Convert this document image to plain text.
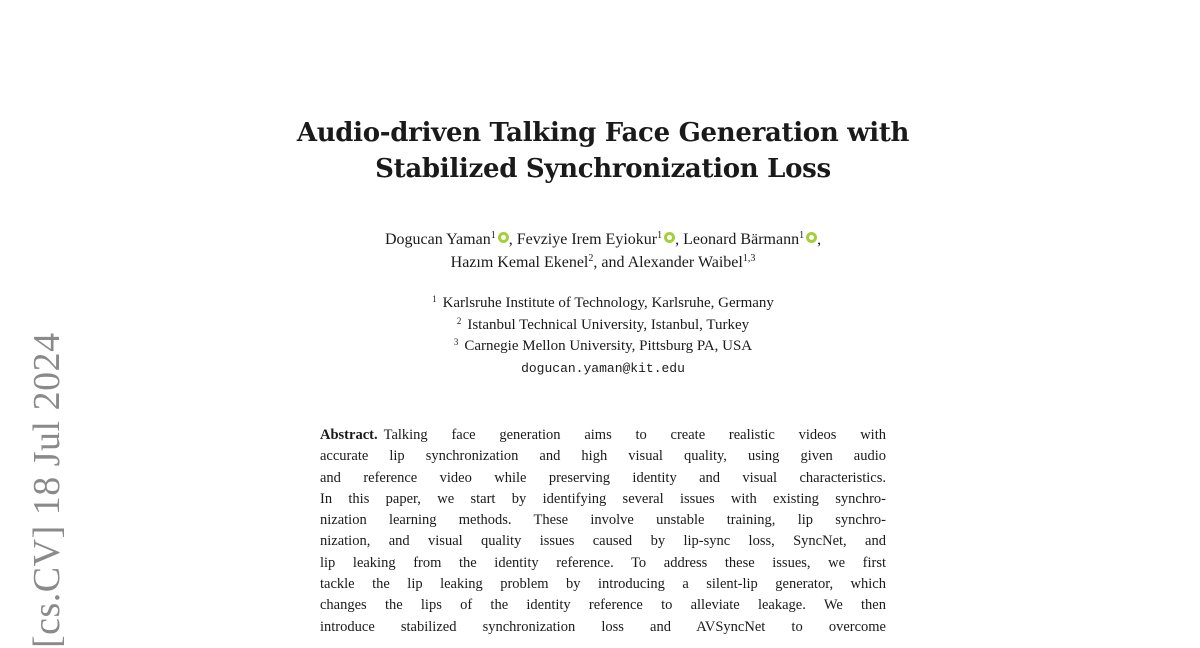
[cs.CV] 18 Jul 2024
Audio-driven Talking Face Generation with
Stabilized Synchronization Loss
Dogucan Yaman$^1$ , Fevziye Irem Eyiokur$^1$ , Leonard Bärmann$^1$ ,
Hazım Kemal Ekenel$^2$, and Alexander Waibel$^{1,3}$
$^1$ Karlsruhe Institute of Technology, Karlsruhe, Germany
$^2$ Istanbul Technical University, Istanbul, Turkey
$^3$ Carnegie Mellon University, Pittsburg PA, USA
dogucan.yaman@kit.edu
Abstract. Talking face generation aims to create realistic videos with
accurate lip synchronization and high visual quality, using given audio
and reference video while preserving identity and visual characteristics.
In this paper, we start by identifying several issues with existing synchro-
nization learning methods. These involve unstable training, lip synchro-
nization, and visual quality issues caused by lip-sync loss, SyncNet, and
lip leaking from the identity reference. To address these issues, we first
tackle the lip leaking problem by introducing a silent-lip generator, which
changes the lips of the identity reference to alleviate leakage. We then
introduce stabilized synchronization loss and AVSyncNet to overcome
